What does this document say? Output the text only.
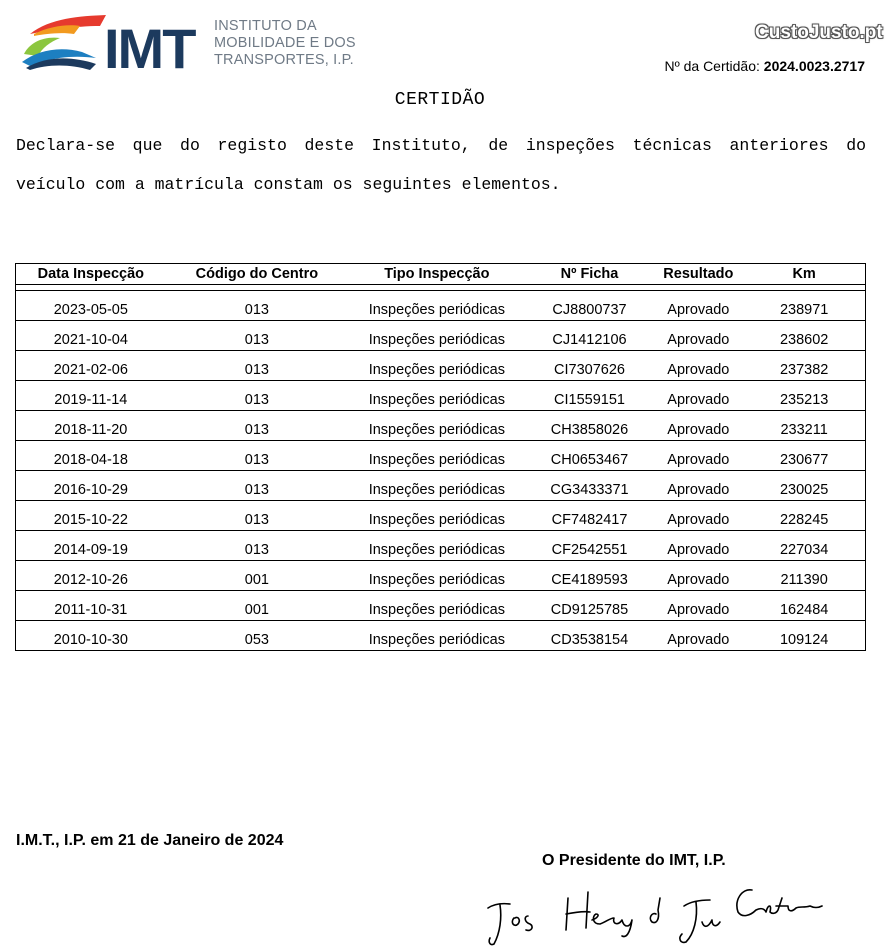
IMT INSTITUTO DA
MOBILIDADE E DOS
TRANSPORTES, I.P.
CustoJusto.pt
Nº da Certidão: 2024.0023.2717
CERTIDÃO
Declara-se que do registo deste Instituto, de inspeções técnicas anteriores do veículo com a matrícula constam os seguintes elementos.
Data Inspecção	Código do Centro	Tipo Inspecção	Nº Ficha	Resultado	Km

2023-05-05	013	Inspeções periódicas	CJ8800737	Aprovado	238971
2021-10-04	013	Inspeções periódicas	CJ1412106	Aprovado	238602
2021-02-06	013	Inspeções periódicas	CI7307626	Aprovado	237382
2019-11-14	013	Inspeções periódicas	CI1559151	Aprovado	235213
2018-11-20	013	Inspeções periódicas	CH3858026	Aprovado	233211
2018-04-18	013	Inspeções periódicas	CH0653467	Aprovado	230677
2016-10-29	013	Inspeções periódicas	CG3433371	Aprovado	230025
2015-10-22	013	Inspeções periódicas	CF7482417	Aprovado	228245
2014-09-19	013	Inspeções periódicas	CF2542551	Aprovado	227034
2012-10-26	001	Inspeções periódicas	CE4189593	Aprovado	211390
2011-10-31	001	Inspeções periódicas	CD9125785	Aprovado	162484
2010-10-30	053	Inspeções periódicas	CD3538154	Aprovado	109124
I.M.T., I.P. em 21 de Janeiro de 2024
O Presidente do IMT, I.P.
